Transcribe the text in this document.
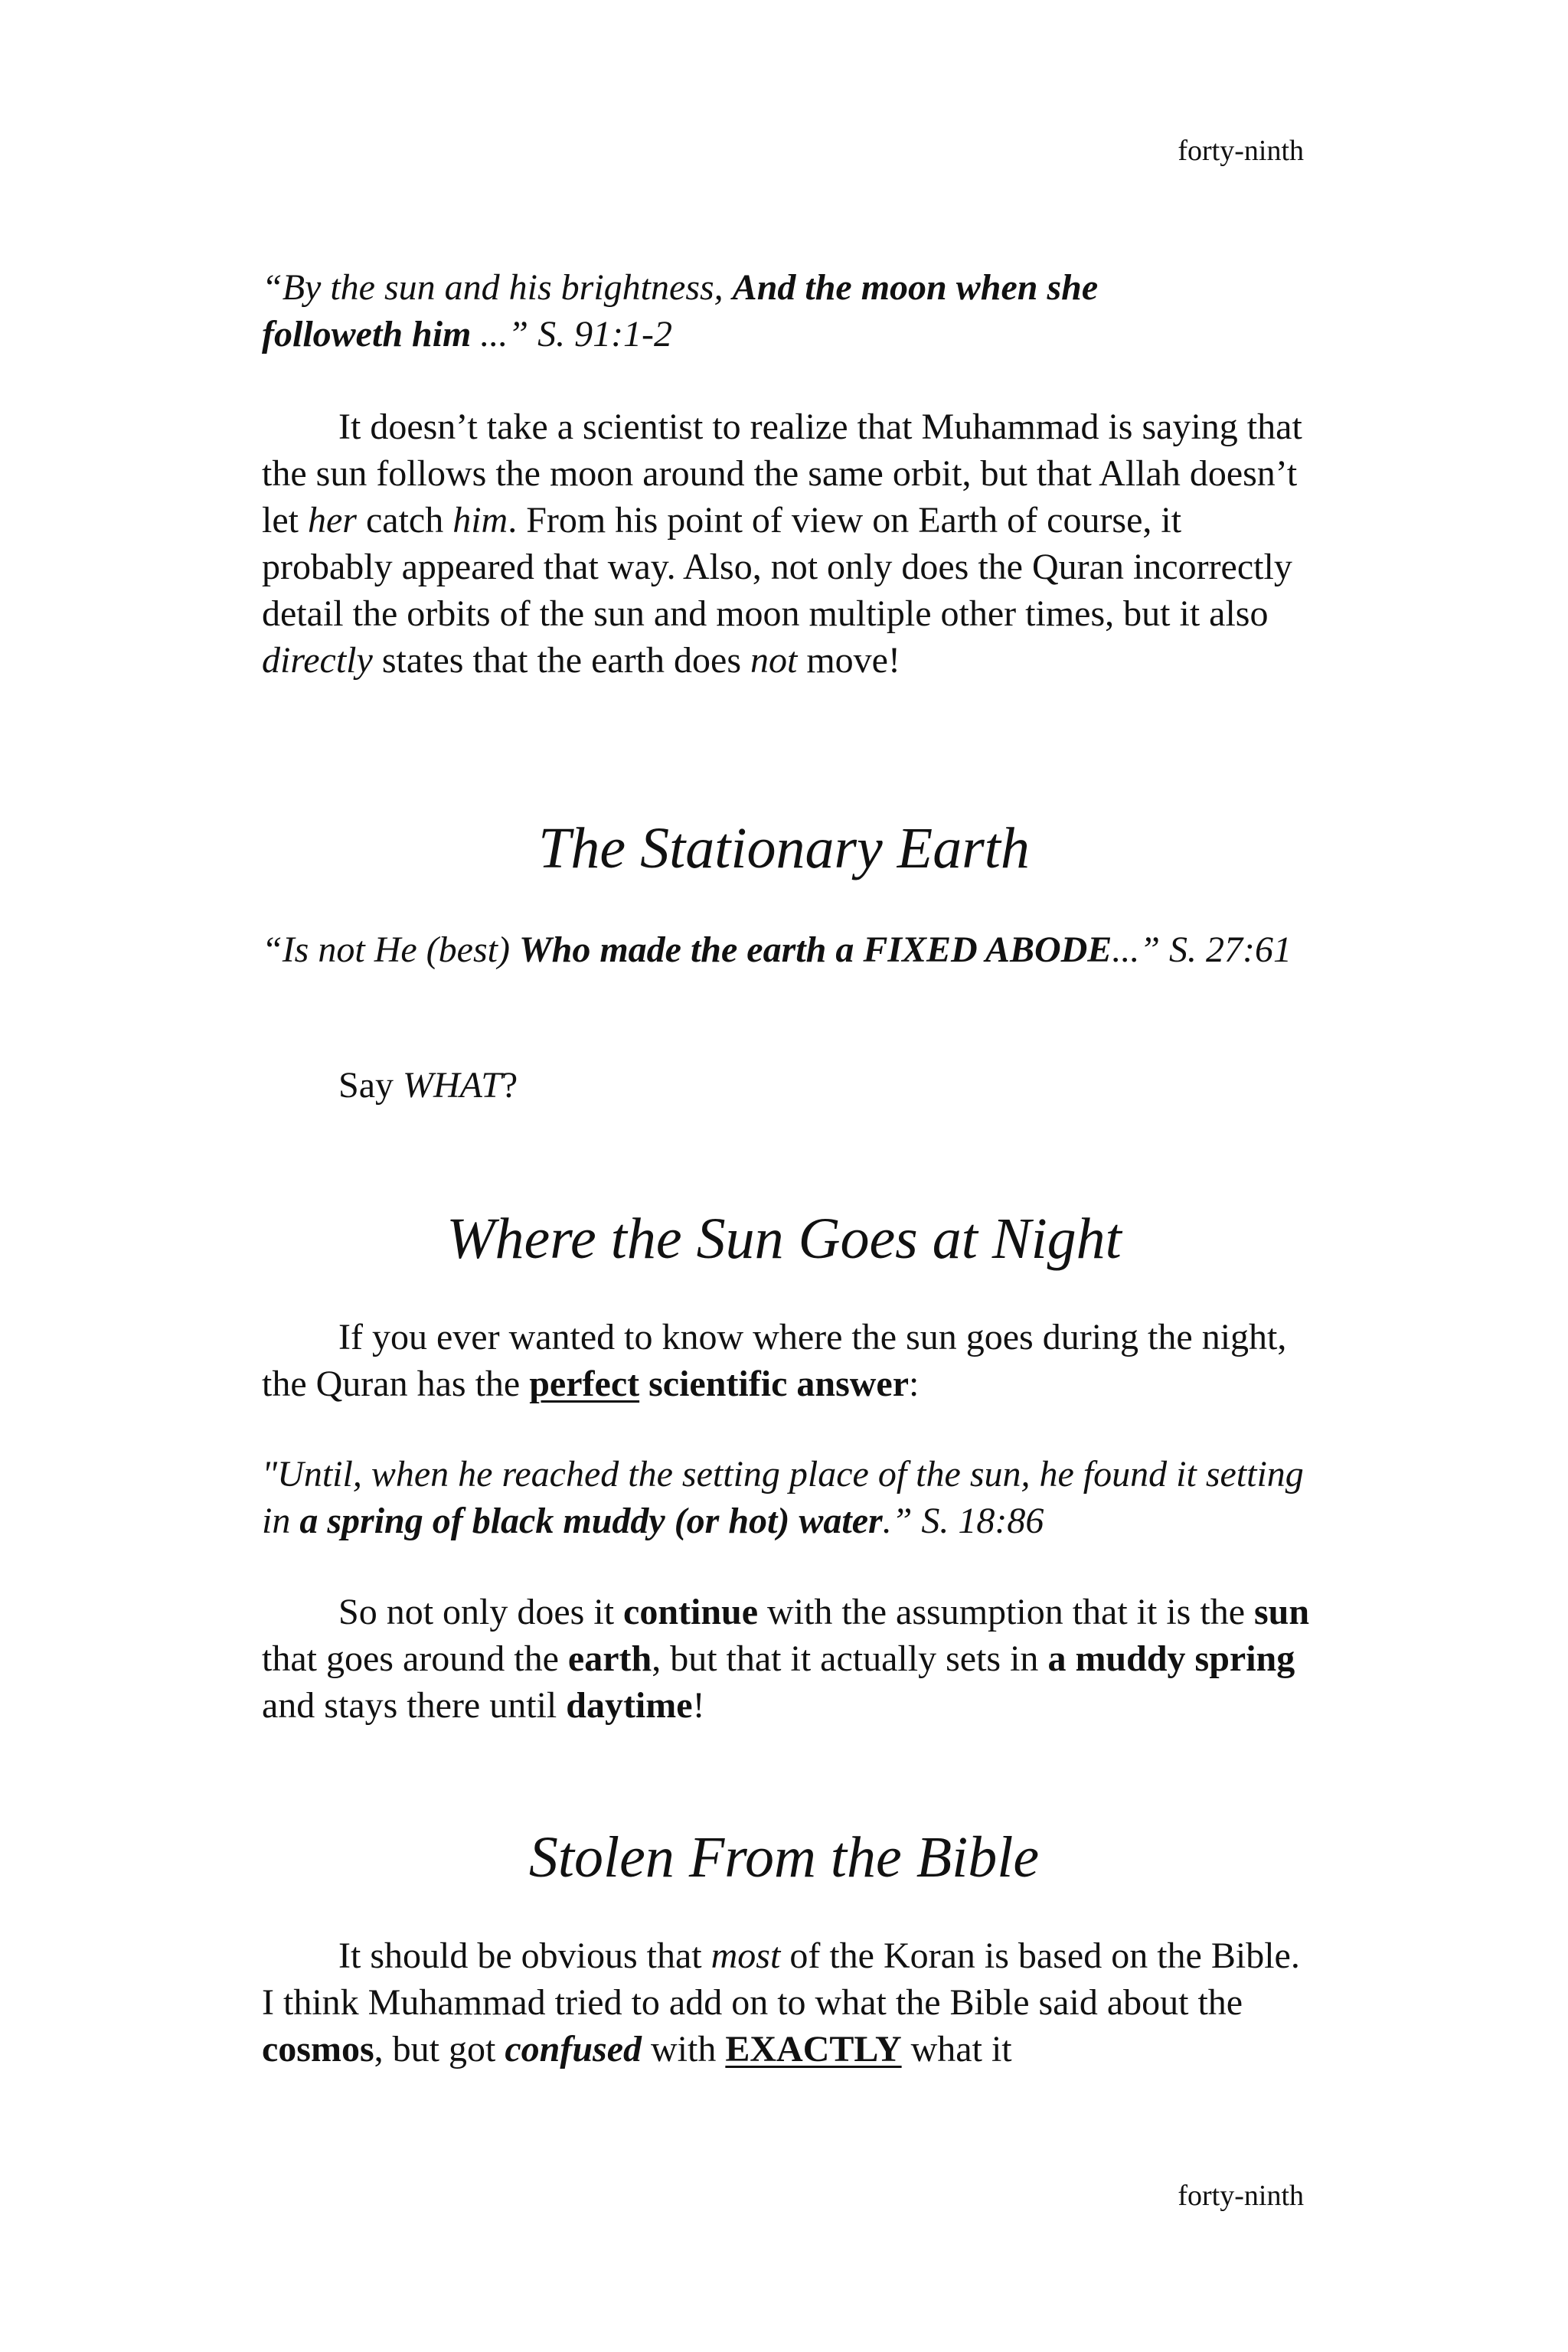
forty-ninth

“By the sun and his brightness, And the moon when she

followeth him ...” S. 91:1-2

It doesn’t take a scientist to realize that Muhammad is saying that the sun follows the moon around the same orbit, but that Allah doesn’t let her catch him. From his point of view on Earth of course, it probably appeared that way. Also, not only does the Quran incorrectly detail the orbits of the sun and moon multiple other times, but it also directly states that the earth does not move!

The Stationary Earth

“Is not He (best) Who made the earth a FIXED ABODE...” S. 27:61

Say WHAT?

Where the Sun Goes at Night

If you ever wanted to know where the sun goes during the night, the Quran has the perfect scientific answer:

"Until, when he reached the setting place of the sun, he found it setting in a spring of black muddy (or hot) water.” S. 18:86

So not only does it continue with the assumption that it is the sun that goes around the earth, but that it actually sets in a muddy spring and stays there until daytime!

Stolen From the Bible

It should be obvious that most of the Koran is based on the Bible. I think Muhammad tried to add on to what the Bible said about the cosmos, but got confused with EXACTLY what it

forty-ninth
